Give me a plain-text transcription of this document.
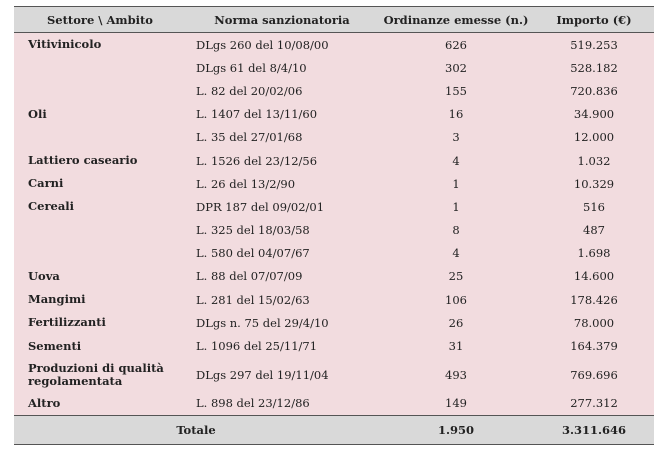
Settore \ Ambito	Norma sanzionatoria	Ordinanze emesse (n.)	Importo (€)
Vitivinicolo	DLgs 260 del 10/08/00	626	519.253
	DLgs 61 del 8/4/10	302	528.182
	L. 82 del 20/02/06	155	720.836
Oli	L. 1407 del 13/11/60	16	34.900
	L. 35 del 27/01/68	3	12.000
Lattiero caseario	L. 1526 del 23/12/56	4	1.032
Carni	L. 26 del 13/2/90	1	10.329
Cereali	DPR 187 del 09/02/01	1	516
	L. 325 del 18/03/58	8	487
	L. 580 del 04/07/67	4	1.698
Uova	L. 88 del 07/07/09	25	14.600
Mangimi	L. 281 del 15/02/63	106	178.426
Fertilizzanti	DLgs n. 75 del 29/4/10	26	78.000
Sementi	L. 1096 del 25/11/71	31	164.379
Produzioni di qualità regolamentata	DLgs 297 del 19/11/04	493	769.696
Altro	L. 898 del 23/12/86	149	277.312
Totale		1.950	3.311.646
